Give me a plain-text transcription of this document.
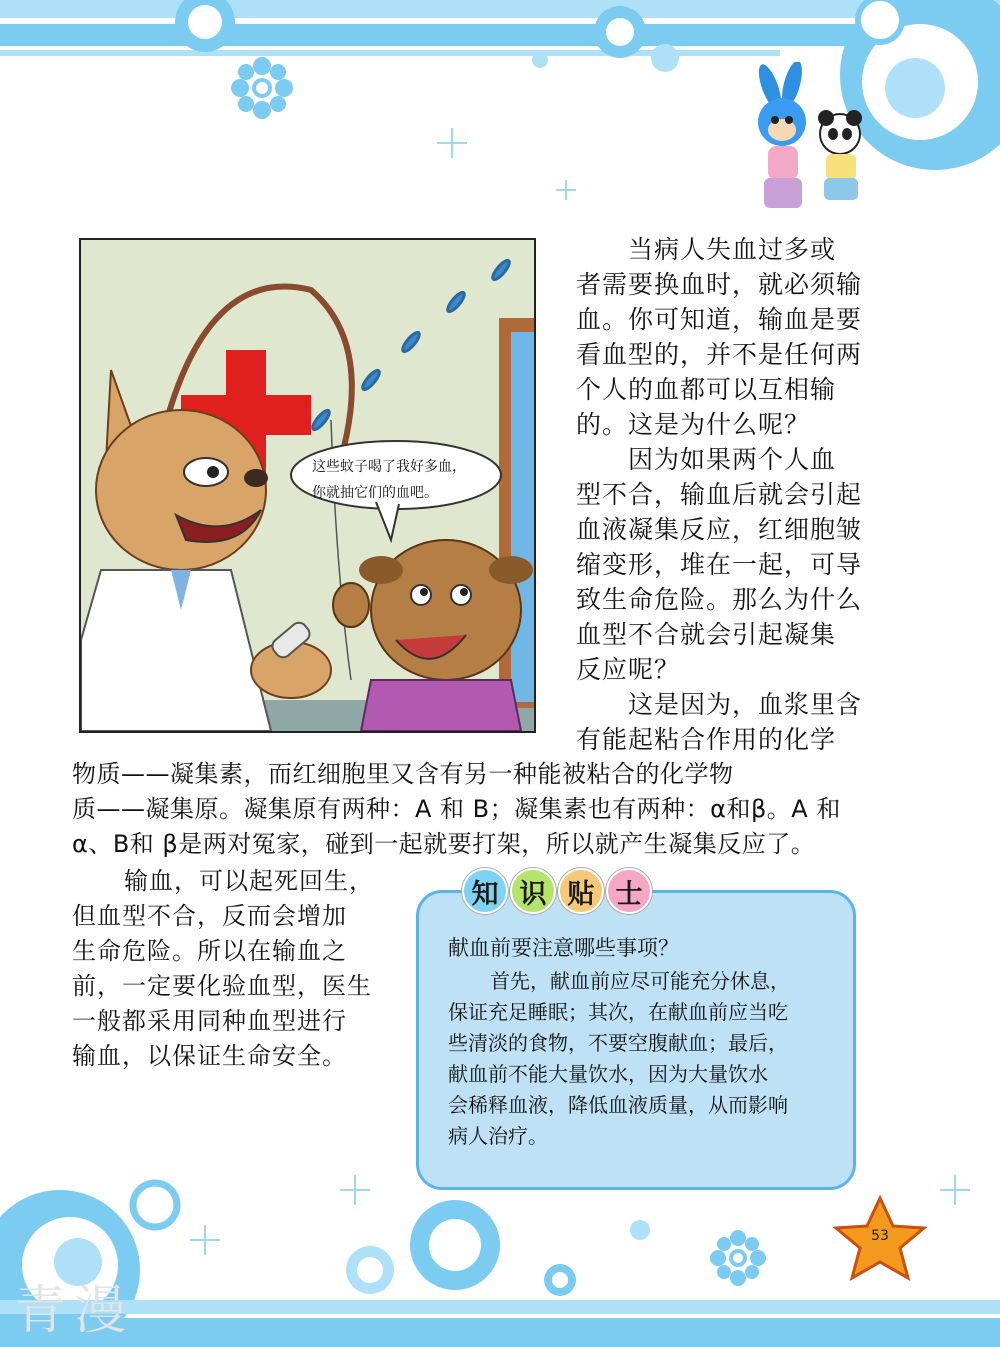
这些蚊子喝了我好多血，
你就抽它们的血吧。
当病人失血过多或
者需要换血时，就必须输
血。你可知道，输血是要
看血型的，并不是任何两
个人的血都可以互相输
的。这是为什么呢？
因为如果两个人血
型不合，输血后就会引起
血液凝集反应，红细胞皱
缩变形，堆在一起，可导
致生命危险。那么为什么
血型不合就会引起凝集
反应呢？
这是因为，血浆里含
有能起粘合作用的化学
物质——凝集素，而红细胞里又含有另一种能被粘合的化学物
质——凝集原。凝集原有两种：A 和 B；凝集素也有两种：α和β。A 和
α、B和 β是两对冤家，碰到一起就要打架，所以就产生凝集反应了。
输血，可以起死回生，
但血型不合，反而会增加
生命危险。所以在输血之
前，一定要化验血型，医生
一般都采用同种血型进行
输血，以保证生命安全。
知 识 贴 士
献血前要注意哪些事项？
首先，献血前应尽可能充分休息，
保证充足睡眠；其次，在献血前应当吃
些清淡的食物，不要空腹献血；最后，
献血前不能大量饮水，因为大量饮水
会稀释血液，降低血液质量，从而影响
病人治疗。
53
青漫
